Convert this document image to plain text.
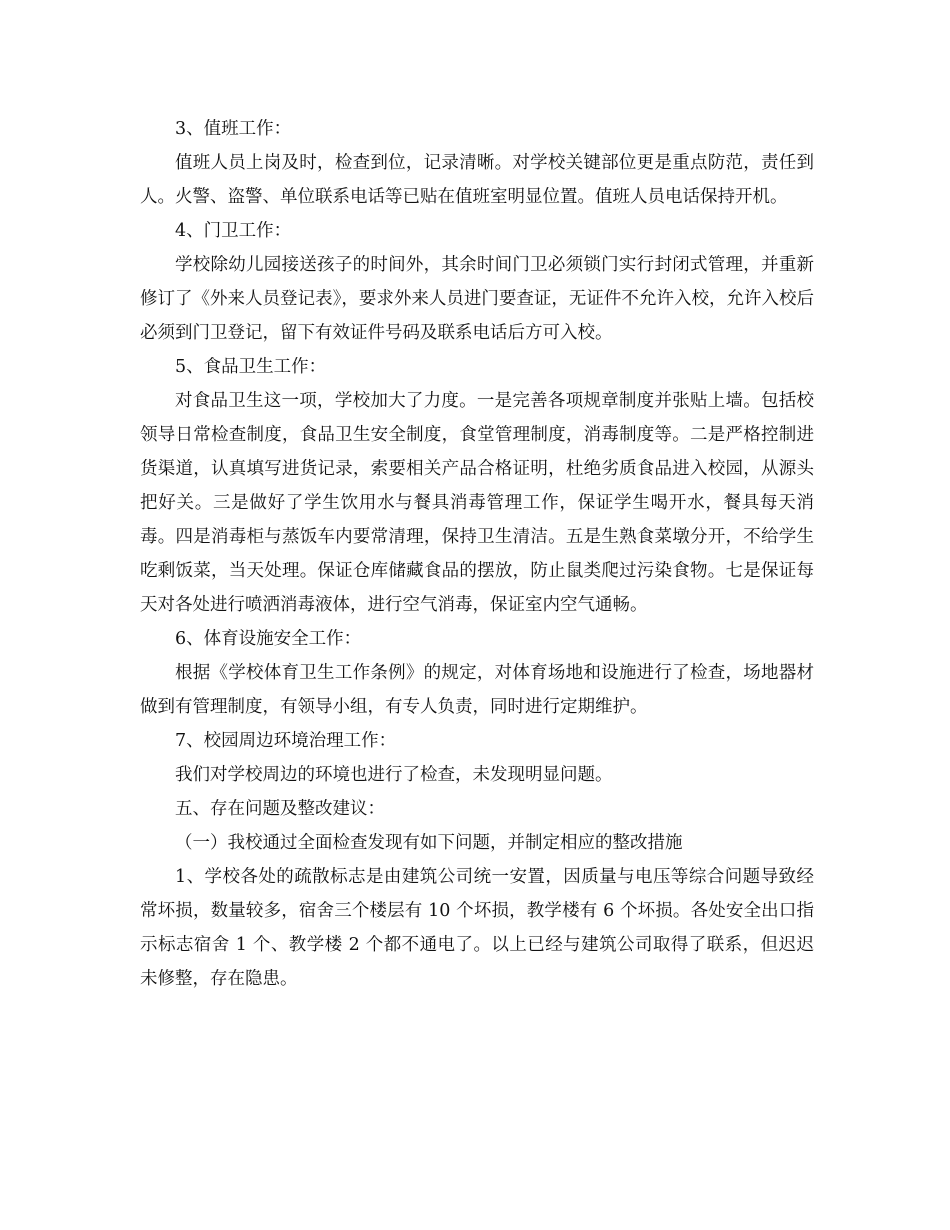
3、值班工作：

值班人员上岗及时，检查到位，记录清晰。对学校关键部位更是重点防范，责任到人。火警、盗警、单位联系电话等已贴在值班室明显位置。值班人员电话保持开机。

4、门卫工作：

学校除幼儿园接送孩子的时间外，其余时间门卫必须锁门实行封闭式管理，并重新修订了《外来人员登记表》，要求外来人员进门要查证，无证件不允许入校，允许入校后必须到门卫登记，留下有效证件号码及联系电话后方可入校。

5、食品卫生工作：

对食品卫生这一项，学校加大了力度。一是完善各项规章制度并张贴上墙。包括校领导日常检查制度，食品卫生安全制度，食堂管理制度，消毒制度等。二是严格控制进货渠道，认真填写进货记录，索要相关产品合格证明，杜绝劣质食品进入校园，从源头把好关。三是做好了学生饮用水与餐具消毒管理工作，保证学生喝开水，餐具每天消毒。四是消毒柜与蒸饭车内要常清理，保持卫生清洁。五是生熟食菜墩分开，不给学生吃剩饭菜，当天处理。保证仓库储藏食品的摆放，防止鼠类爬过污染食物。七是保证每天对各处进行喷洒消毒液体，进行空气消毒，保证室内空气通畅。

6、体育设施安全工作：

根据《学校体育卫生工作条例》的规定，对体育场地和设施进行了检查，场地器材做到有管理制度，有领导小组，有专人负责，同时进行定期维护。

7、校园周边环境治理工作：

我们对学校周边的环境也进行了检查，未发现明显问题。

五、存在问题及整改建议：

（一）我校通过全面检查发现有如下问题，并制定相应的整改措施

1、学校各处的疏散标志是由建筑公司统一安置，因质量与电压等综合问题导致经常坏损，数量较多，宿舍三个楼层有 10 个坏损，教学楼有 6 个坏损。各处安全出口指示标志宿舍 1 个、教学楼 2 个都不通电了。以上已经与建筑公司取得了联系，但迟迟未修整，存在隐患。
